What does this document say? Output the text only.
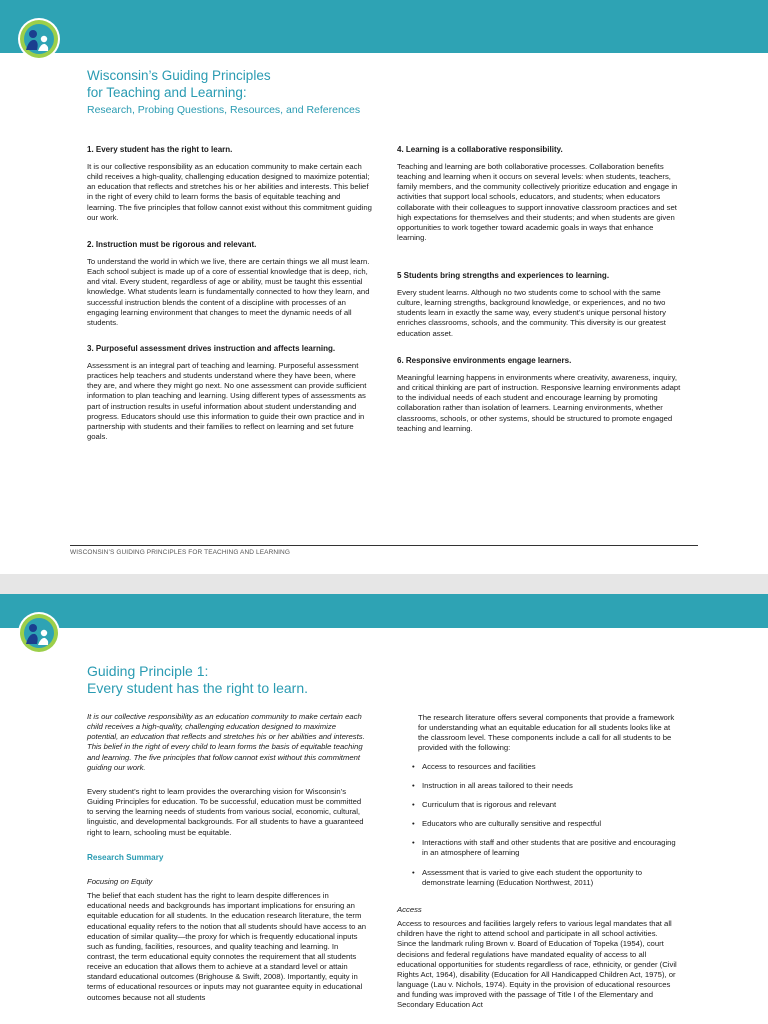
Wisconsin’s Guiding Principles
for Teaching and Learning:
Research, Probing Questions, Resources, and References
1. Every student has the right to learn.

It is our collective responsibility as an education community to make certain each child receives a high-quality, challenging education designed to maximize potential; an education that reflects and stretches his or her abilities and interests. This belief in the right of every child to learn forms the basis of equitable teaching and learning. The five principles that follow cannot exist without this commitment guiding our work.

2. Instruction must be rigorous and relevant.

To understand the world in which we live, there are certain things we all must learn. Each school subject is made up of a core of essential knowledge that is deep, rich, and vital. Every student, regardless of age or ability, must be taught this essential knowledge. What students learn is fundamentally connected to how they learn, and successful instruction blends the content of a discipline with processes of an engaging learning environment that changes to meet the dynamic needs of all students.

3. Purposeful assessment drives instruction and affects learning.

Assessment is an integral part of teaching and learning. Purposeful assessment practices help teachers and students understand where they have been, where they are, and where they might go next. No one assessment can provide sufficient information to plan teaching and learning. Using different types of assessments as part of instruction results in useful information about student understanding and progress. Educators should use this information to guide their own practice and in partnership with students and their families to reflect on learning and set future goals.

4. Learning is a collaborative responsibility.

Teaching and learning are both collaborative processes. Collaboration benefits teaching and learning when it occurs on several levels: when students, teachers, family members, and the community collectively prioritize education and engage in activities that support local schools, educators, and students; when educators collaborate with their colleagues to support innovative classroom practices and set high expectations for themselves and their students; and when students are given opportunities to work together toward academic goals in ways that enhance learning.

5 Students bring strengths and experiences to learning.

Every student learns. Although no two students come to school with the same culture, learning strengths, background knowledge, or experiences, and no two students learn in exactly the same way, every student’s unique personal history enriches classrooms, schools, and the community. This diversity is our greatest education asset.

6. Responsive environments engage learners.

Meaningful learning happens in environments where creativity, awareness, inquiry, and critical thinking are part of instruction. Responsive learning environments adapt to the individual needs of each student and encourage learning by promoting collaboration rather than isolation of learners. Learning environments, whether classrooms, schools, or other systems, should be structured to promote engaged teaching and learning.

WISCONSIN’S GUIDING PRINCIPLES FOR TEACHING AND LEARNING
Guiding Principle 1:
Every student has the right to learn.

It is our collective responsibility as an education community to make certain each child receives a high-quality, challenging education designed to maximize potential, an education that reflects and stretches his or her abilities and interests. This belief in the right of every child to learn forms the basis of equitable teaching and learning. The five principles that follow cannot exist without this commitment guiding our work.

Every student’s right to learn provides the overarching vision for Wisconsin’s Guiding Principles for education. To be successful, education must be committed to serving the learning needs of students from various social, economic, cultural, linguistic, and developmental backgrounds. For all students to have a guaranteed right to learn, schooling must be equitable.

Research Summary
Focusing on Equity

The belief that each student has the right to learn despite differences in educational needs and backgrounds has important implications for ensuring an equitable education for all students. In the education research literature, the term educational equality refers to the notion that all students should have access to an education of similar quality—the proxy for which is frequently educational inputs such as funding, facilities, resources, and quality teaching and learning. In contrast, the term educational equity connotes the requirement that all students receive an education that allows them to achieve at a standard level or attain standard educational outcomes (Brighouse & Swift, 2008). Importantly, equity in terms of educational resources or inputs may not guarantee equity in educational outcomes because not all students

The research literature offers several components that provide a framework for understanding what an equitable education for all students looks like at the classroom level. These components include a call for all students to be provided with the following:

• Access to resources and facilities
• Instruction in all areas tailored to their needs
• Curriculum that is rigorous and relevant
• Educators who are culturally sensitive and respectful
• Interactions with staff and other students that are positive and encouraging in an atmosphere of learning
• Assessment that is varied to give each student the opportunity to demonstrate learning (Education Northwest, 2011)
Access

Access to resources and facilities largely refers to various legal mandates that all children have the right to attend school and participate in all school activities. Since the landmark ruling Brown v. Board of Education of Topeka (1954), court decisions and federal regulations have mandated equality of access to all educational opportunities for students regardless of race, ethnicity, or gender (Civil Rights Act, 1964), disability (Education for All Handicapped Children Act, 1975), or language (Lau v. Nichols, 1974). Equity in the provision of educational resources and funding was improved with the passage of Title I of the Elementary and Secondary Education Act
